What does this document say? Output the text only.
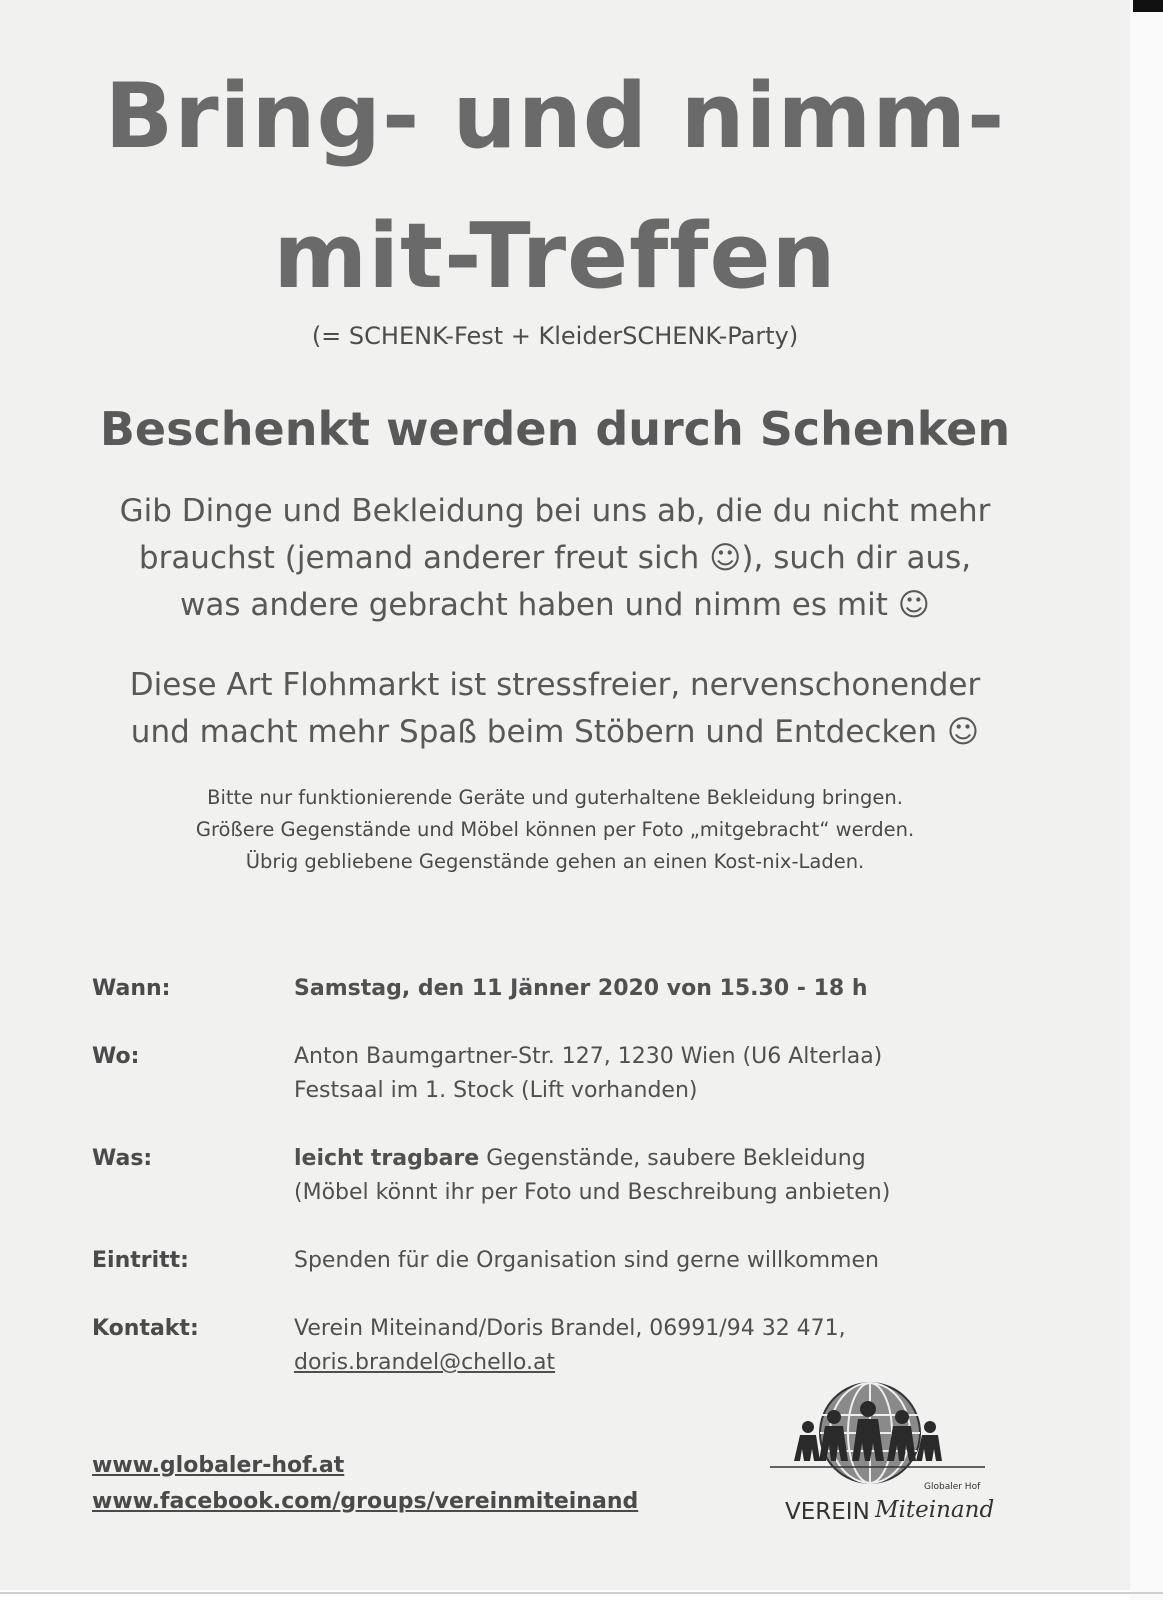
Bring- und nimm-
mit-Treffen
(= SCHENK-Fest + KleiderSCHENK-Party)
Beschenkt werden durch Schenken
Gib Dinge und Bekleidung bei uns ab, die du nicht mehr
brauchst (jemand anderer freut sich ☺), such dir aus,
was andere gebracht haben und nimm es mit ☺
Diese Art Flohmarkt ist stressfreier, nervenschonender
und macht mehr Spaß beim Stöbern und Entdecken ☺
Bitte nur funktionierende Geräte und guterhaltene Bekleidung bringen.
Größere Gegenstände und Möbel können per Foto „mitgebracht“ werden.
Übrig gebliebene Gegenstände gehen an einen Kost-nix-Laden.
Wann:	Samstag, den 11 Jänner 2020 von 15.30 - 18 h
Wo:	Anton Baumgartner-Str. 127, 1230 Wien (U6 Alterlaa)
Festsaal im 1. Stock (Lift vorhanden)
Was:	leicht tragbare Gegenstände, saubere Bekleidung
(Möbel könnt ihr per Foto und Beschreibung anbieten)
Eintritt:	Spenden für die Organisation sind gerne willkommen
Kontakt:	Verein Miteinand/Doris Brandel, 06991/94 32 471,
doris.brandel@chello.at
www.globaler-hof.at
www.facebook.com/groups/vereinmiteinand	VEREIN Miteinand
Globaler Hof
